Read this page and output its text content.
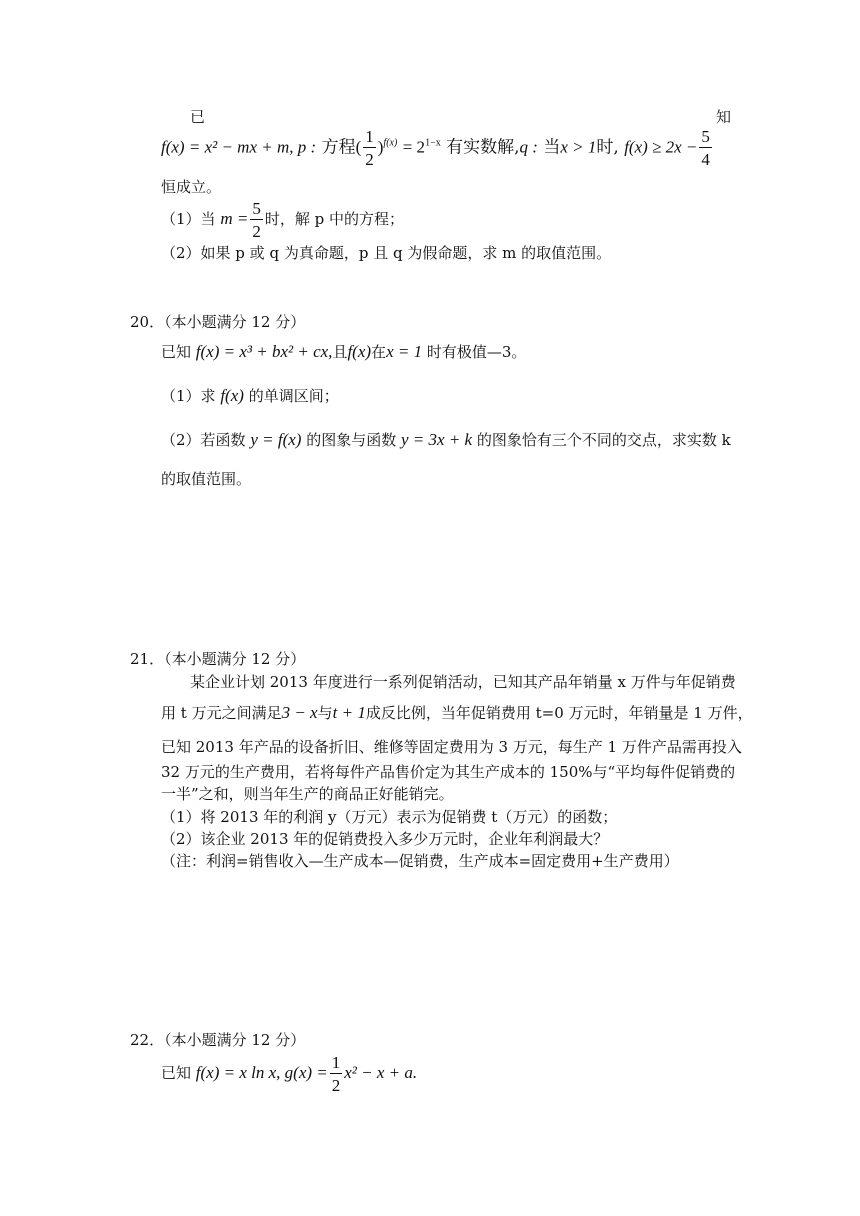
已	知
f(x) = x² − mx + m, p : 方程( $\frac{1}{2} )^{f(x)} = 2^{1-x}$ 有实数解,q : 当x > 1时, $f(x) \ge 2x - \frac{5}{4}$
恒成立。
（1）当 $m = \frac{5}{2}$ 时，解 p 中的方程；
（2）如果 p 或 q 为真命题，p 且 q 为假命题，求 m 的取值范围。
20．（本小题满分 12 分）
已知 f(x) = x³ + bx² + cx,且f(x)在x = 1 时有极值—3。
（1）求 f(x) 的单调区间；
（2）若函数 y = f(x) 的图象与函数 y = 3x + k 的图象恰有三个不同的交点，求实数 k
的取值范围。
21．（本小题满分 12 分）
某企业计划 2013 年度进行一系列促销活动，已知其产品年销量 x 万件与年促销费
用 t 万元之间满足3 − x与t + 1成反比例，当年促销费用 t=0 万元时，年销量是 1 万件，
已知 2013 年产品的设备折旧、维修等固定费用为 3 万元，每生产 1 万件产品需再投入
32 万元的生产费用，若将每件产品售价定为其生产成本的 150%与“平均每件促销费的
一半”之和，则当年生产的商品正好能销完。
（1）将 2013 年的利润 y（万元）表示为促销费 t（万元）的函数；
（2）该企业 2013 年的促销费投入多少万元时，企业年利润最大？
（注：利润=销售收入—生产成本—促销费，生产成本=固定费用+生产费用）
22．（本小题满分 12 分）
已知 f(x) = x ln x, $g(x) = \frac{1}{2} x^2 - x + a$.
